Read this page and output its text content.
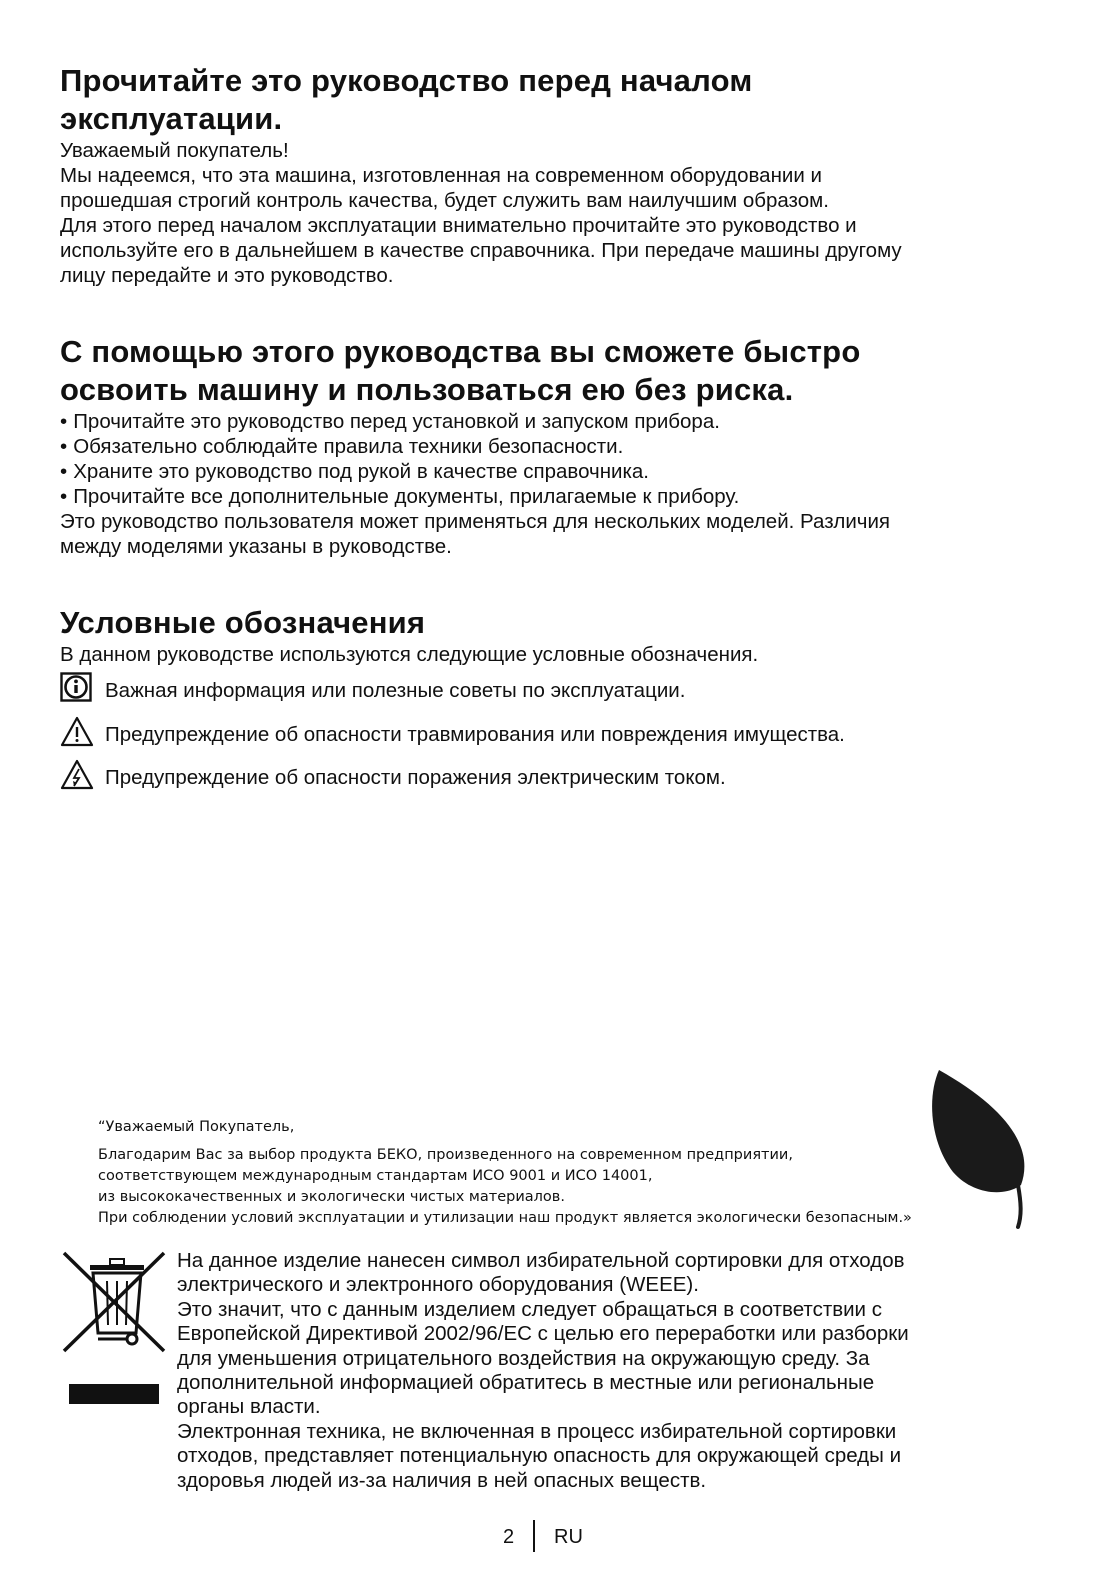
Прочитайте это руководство перед началом
эксплуатации.

Уважаемый покупатель!

Мы надеемся, что эта машина, изготовленная на современном оборудовании и

прошедшая строгий контроль качества, будет служить вам наилучшим образом.

Для этого перед началом эксплуатации внимательно прочитайте это руководство и

используйте его в дальнейшем в качестве справочника. При передаче машины другому

лицу передайте и это руководство.

С помощью этого руководства вы сможете быстро
освоить машину и пользоваться ею без риска.
• Прочитайте это руководство перед установкой и запуском прибора.
• Обязательно соблюдайте правила техники безопасности.
• Храните это руководство под рукой в качестве справочника.
• Прочитайте все дополнительные документы, прилагаемые к прибору.

Это руководство пользователя может применяться для нескольких моделей. Различия

между моделями указаны в руководстве.

Условные обозначения

В данном руководстве используются следующие условные обозначения.

Важная информация или полезные советы по эксплуатации.
Предупреждение об опасности травмирования или повреждения имущества.
Предупреждение об опасности поражения электрическим током.

“Уважаемый Покупатель,

Благодарим Вас за выбор продукта БЕКО, произведенного на современном предприятии,

соответствующем международным стандартам ИСО 9001 и ИСО 14001,

из высококачественных и экологически чистых материалов.

При соблюдении условий эксплуатации и утилизации наш продукт является экологически безопасным.»

На данное изделие нанесен символ избирательной сортировки для отходов

электрического и электронного оборудования (WEEE).

Это значит, что с данным изделием следует обращаться в соответствии с

Европейской Директивой 2002/96/EC с целью его переработки или разборки

для уменьшения отрицательного воздействия на окружающую среду. За

дополнительной информацией обратитесь в местные или региональные

органы власти.

Электронная техника, не включенная в процесс избирательной сортировки

отходов, представляет потенциальную опасность для окружающей среды и

здоровья людей из-за наличия в ней опасных веществ.

2 RU
